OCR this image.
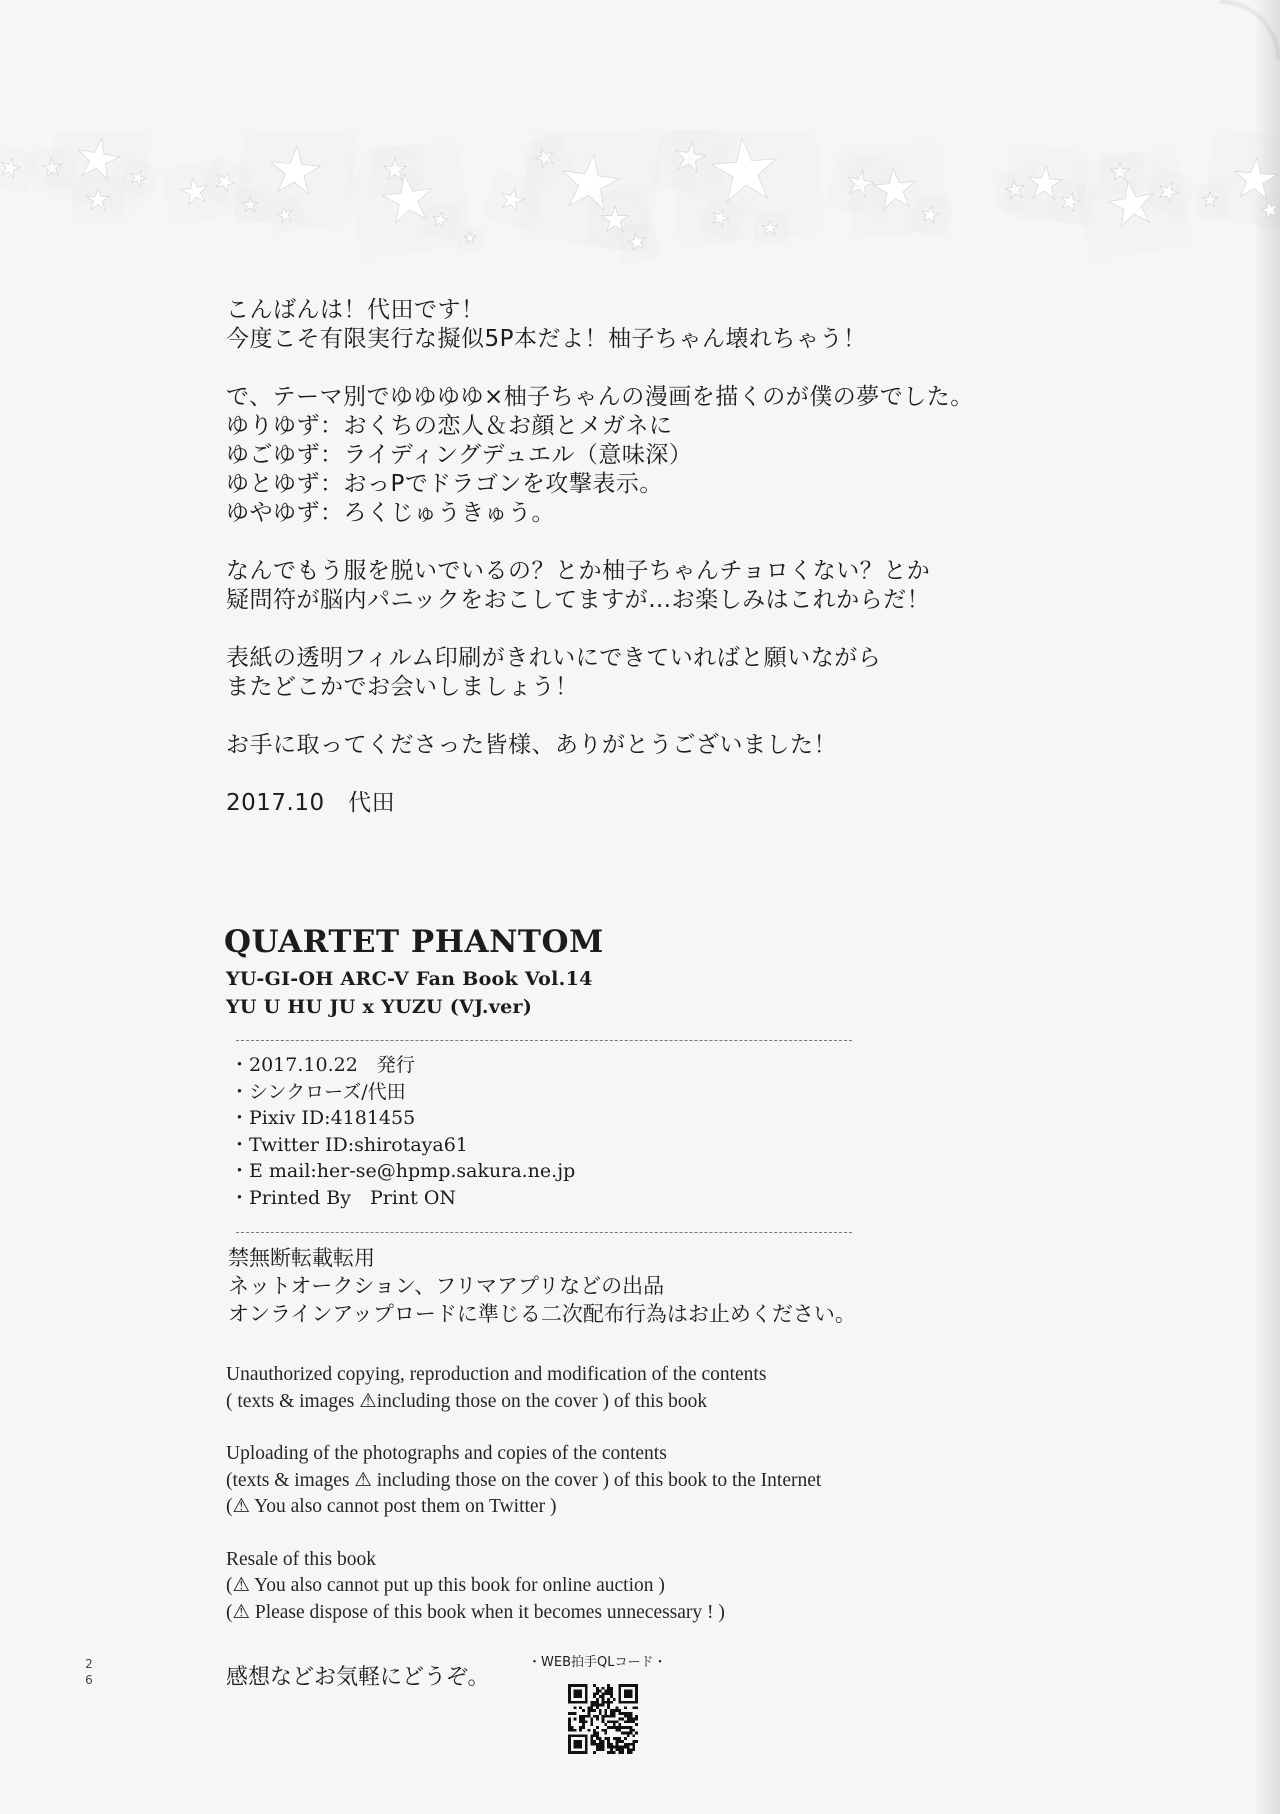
こんばんは！代田です！
今度こそ有限実行な擬似5P本だよ！柚子ちゃん壊れちゃう！
で、テーマ別でゆゆゆゆ×柚子ちゃんの漫画を描くのが僕の夢でした。
ゆりゆず：おくちの恋人＆お顔とメガネに
ゆごゆず：ライディングデュエル（意味深）
ゆとゆず：おっPでドラゴンを攻撃表示。
ゆやゆず：ろくじゅうきゅう。
なんでもう服を脱いでいるの？とか柚子ちゃんチョロくない？とか
疑問符が脳内パニックをおこしてますが…お楽しみはこれからだ！
表紙の透明フィルム印刷がきれいにできていればと願いながら
またどこかでお会いしましょう！
お手に取ってくださった皆様、ありがとうございました！
2017.10　代田
QUARTET PHANTOM
YU-GI-OH ARC-V Fan Book Vol.14
YU U HU JU x YUZU (VJ.ver)
・2017.10.22　発行
・シンクローズ/代田
・Pixiv ID:4181455
・Twitter ID:shirotaya61
・E mail:her-se@hpmp.sakura.ne.jp
・Printed By　Print ON
禁無断転載転用
ネットオークション、フリマアプリなどの出品
オンラインアップロードに準じる二次配布行為はお止めください。
Unauthorized copying, reproduction and modification of the contents
( texts & images ⚠including those on the cover ) of this book
Uploading of the photographs and copies of the contents
(texts & images ⚠ including those on the cover ) of this book to the Internet
(⚠ You also cannot post them on Twitter )
Resale of this book
(⚠ You also cannot put up this book for online auction )
(⚠ Please dispose of this book when it becomes unnecessary ! )
2
6	感想などお気軽にどうぞ。
・WEB拍手QLコード・
